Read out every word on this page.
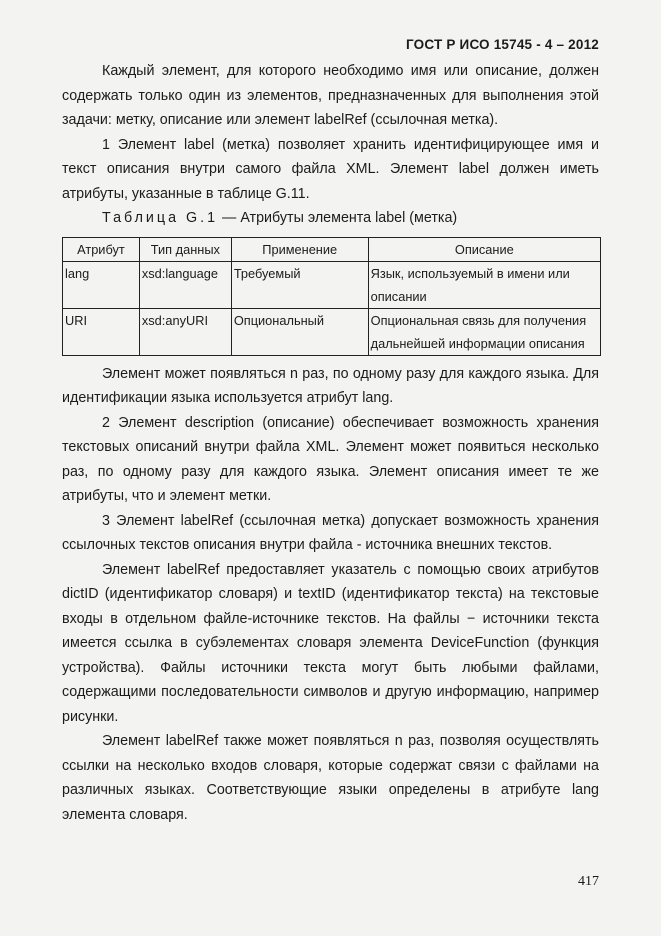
ГОСТ Р ИСО 15745 - 4 – 2012

Каждый элемент, для которого необходимо имя или описание, должен содержать только один из элементов, предназначенных для выполнения этой задачи: метку, описание или элемент labelRef (ссылочная метка).

1 Элемент label (метка) позволяет хранить идентифицирующее имя и текст описания внутри самого файла XML. Элемент label должен иметь атрибуты, указанные в таблице G.11.

Таблица G.1 — Атрибуты элемента label (метка)

Атрибут	Тип данных	Применение	Описание
lang	xsd:language	Требуемый	Язык, используемый в имени или описании
URI	xsd:anyURI	Опциональный	Опциональная связь для получения дальнейшей информации описания

Элемент может появляться n раз, по одному разу для каждого языка. Для идентификации языка используется атрибут lang.

2 Элемент description (описание) обеспечивает возможность хранения текстовых описаний внутри файла XML. Элемент может появиться несколько раз, по одному разу для каждого языка. Элемент описания имеет те же атрибуты, что и элемент метки.

3 Элемент labelRef (ссылочная метка) допускает возможность хранения ссылочных текстов описания внутри файла - источника внешних текстов.

Элемент labelRef предоставляет указатель с помощью своих атрибутов dictID (идентификатор словаря) и textID (идентификатор текста) на текстовые входы в отдельном файле-источнике текстов. На файлы − источники текста имеется ссылка в субэлементах словаря элемента DeviceFunction (функция устройства). Файлы источники текста могут быть любыми файлами, содержащими последовательности символов и другую информацию, например рисунки.

Элемент labelRef также может появляться n раз, позволяя осуществлять ссылки на несколько входов словаря, которые содержат связи с файлами на различных языках. Соответствующие языки определены в атрибуте lang элемента словаря.

417
